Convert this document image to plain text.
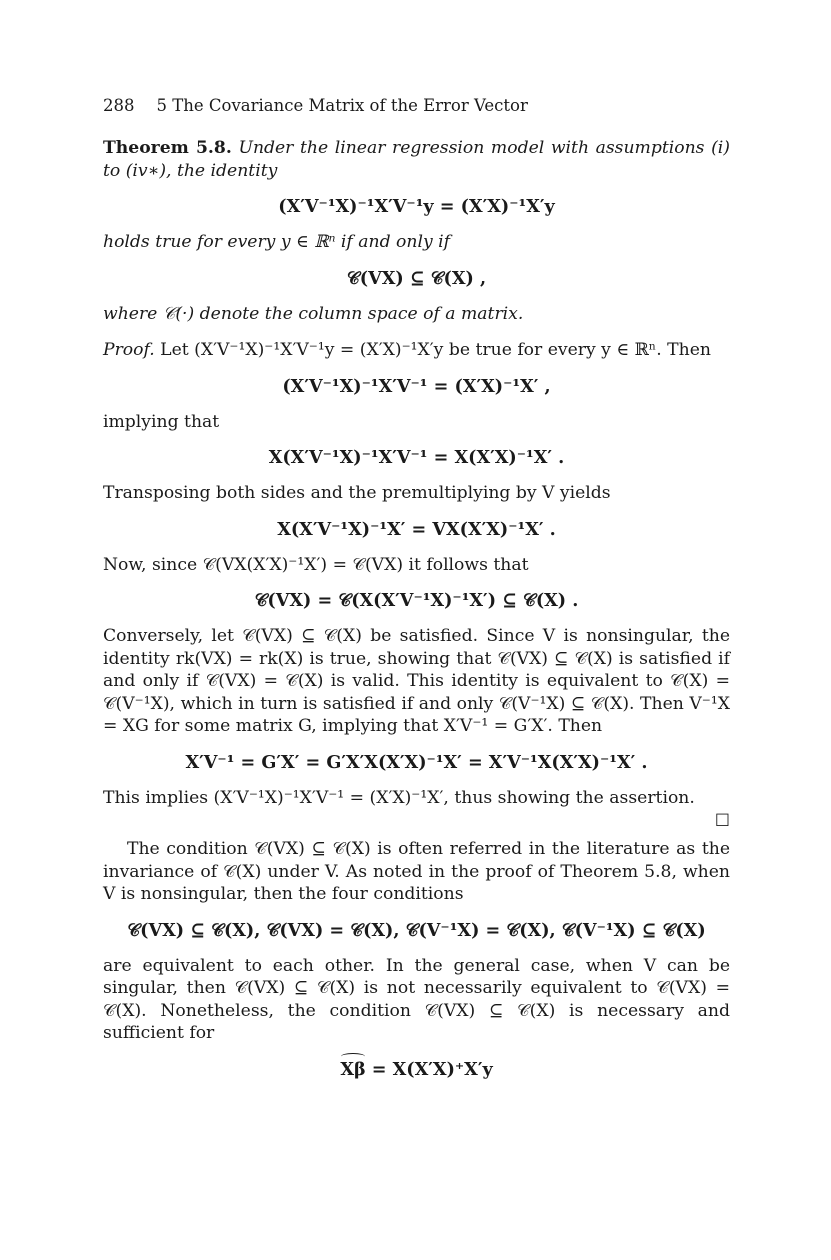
288 5 The Covariance Matrix of the Error Vector

Theorem 5.8. Under the linear regression model with assumptions (i) to (iv∗), the identity

(X′V⁻¹X)⁻¹X′V⁻¹y = (X′X)⁻¹X′y

holds true for every y ∈ ℝⁿ if and only if

𝒞(VX) ⊆ 𝒞(X) ,

where 𝒞(·) denote the column space of a matrix.

Proof. Let (X′V⁻¹X)⁻¹X′V⁻¹y = (X′X)⁻¹X′y be true for every y ∈ ℝⁿ. Then

(X′V⁻¹X)⁻¹X′V⁻¹ = (X′X)⁻¹X′ ,

implying that

X(X′V⁻¹X)⁻¹X′V⁻¹ = X(X′X)⁻¹X′ .

Transposing both sides and the premultiplying by V yields

X(X′V⁻¹X)⁻¹X′ = VX(X′X)⁻¹X′ .

Now, since 𝒞(VX(X′X)⁻¹X′) = 𝒞(VX) it follows that

𝒞(VX) = 𝒞(X(X′V⁻¹X)⁻¹X′) ⊆ 𝒞(X) .

Conversely, let 𝒞(VX) ⊆ 𝒞(X) be satisfied. Since V is nonsingular, the identity rk(VX) = rk(X) is true, showing that 𝒞(VX) ⊆ 𝒞(X) is satisfied if and only if 𝒞(VX) = 𝒞(X) is valid. This identity is equivalent to 𝒞(X) = 𝒞(V⁻¹X), which in turn is satisfied if and only 𝒞(V⁻¹X) ⊆ 𝒞(X). Then V⁻¹X = XG for some matrix G, implying that X′V⁻¹ = G′X′. Then

X′V⁻¹ = G′X′ = G′X′X(X′X)⁻¹X′ = X′V⁻¹X(X′X)⁻¹X′ .

This implies (X′V⁻¹X)⁻¹X′V⁻¹ = (X′X)⁻¹X′, thus showing the assertion.

□

The condition 𝒞(VX) ⊆ 𝒞(X) is often referred in the literature as the invariance of 𝒞(X) under V. As noted in the proof of Theorem 5.8, when V is nonsingular, then the four conditions

𝒞(VX) ⊆ 𝒞(X), 𝒞(VX) = 𝒞(X), 𝒞(V⁻¹X) = 𝒞(X), 𝒞(V⁻¹X) ⊆ 𝒞(X)

are equivalent to each other. In the general case, when V can be singular, then 𝒞(VX) ⊆ 𝒞(X) is not necessarily equivalent to 𝒞(VX) = 𝒞(X). Nonetheless, the condition 𝒞(VX) ⊆ 𝒞(X) is necessary and sufficient for

Xβ = X(X′X)⁺X′y
